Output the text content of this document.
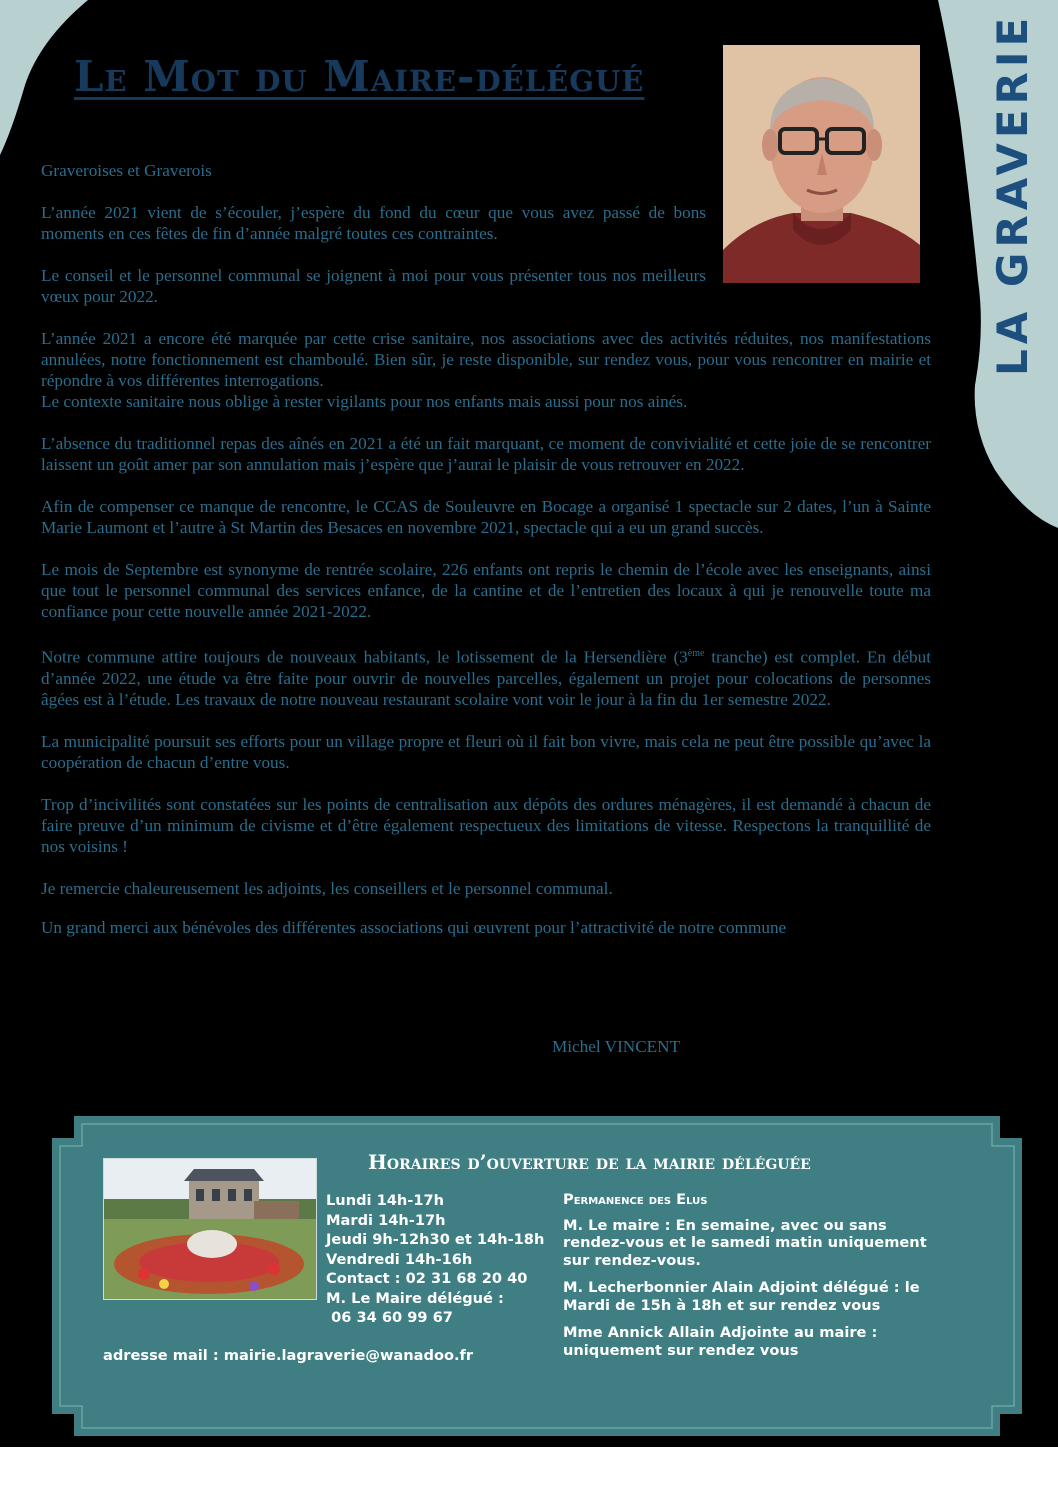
Le Mot du Maire-délégué	LA GRAVERIE

Graveroises et Graverois

L’année 2021 vient de s’écouler, j’espère du fond du cœur que vous avez passé de bons moments en ces fêtes de fin d’année malgré toutes ces contraintes.

Le conseil et le personnel communal se joignent à moi pour vous présenter tous nos meilleurs vœux pour 2022.

L’année 2021 a encore été marquée par cette crise sanitaire, nos associations avec des activités réduites, nos manifestations annulées, notre fonctionnement est chamboulé. Bien sûr, je reste disponible, sur rendez vous, pour vous rencontrer en mairie et répondre à vos différentes interrogations.

Le contexte sanitaire nous oblige à rester vigilants pour nos enfants mais aussi pour nos ainés.

L’absence du traditionnel repas des aînés en 2021 a été un fait marquant, ce moment de convivialité et cette joie de se rencontrer laissent un goût amer par son annulation mais j’espère que j’aurai le plaisir de vous retrouver en 2022.

Afin de compenser ce manque de rencontre, le CCAS de Souleuvre en Bocage a organisé 1 spectacle sur 2 dates, l’un à Sainte Marie Laumont et l’autre à St Martin des Besaces en novembre 2021, spectacle qui a eu un grand succès.

Le mois de Septembre est synonyme de rentrée scolaire, 226 enfants ont repris le chemin de l’école avec les enseignants, ainsi que tout le personnel communal des services enfance, de la cantine et de l’entretien des locaux à qui je renouvelle toute ma confiance pour cette nouvelle année 2021-2022.

Notre commune attire toujours de nouveaux habitants, le lotissement de la Hersendière (3ème tranche) est complet. En début d’année 2022, une étude va être faite pour ouvrir de nouvelles parcelles, également un projet pour colocations de personnes âgées est à l’étude. Les travaux de notre nouveau restaurant scolaire vont voir le jour à la fin du 1er semestre 2022.

La municipalité poursuit ses efforts pour un village propre et fleuri où il fait bon vivre, mais cela ne peut être possible qu’avec la coopération de chacun d’entre vous.

Trop d’incivilités sont constatées sur les points de centralisation aux dépôts des ordures ménagères, il est demandé à chacun de faire preuve d’un minimum de civisme et d’être également respectueux des limitations de vitesse. Respectons la tranquillité de nos voisins !

Je remercie chaleureusement les adjoints, les conseillers et le personnel communal.

Un grand merci aux bénévoles des différentes associations qui œuvrent pour l’attractivité de notre commune

Michel VINCENT
Horaires d’ouverture de la mairie déléguée
Lundi 14h-17h
Mardi 14h-17h
Jeudi 9h-12h30 et 14h-18h
Vendredi 14h-16h
Contact : 02 31 68 20 40
M. Le Maire délégué :
06 34 60 99 67
adresse mail : mairie.lagraverie@wanadoo.fr
Permanence des Elus

M. Le maire : En semaine, avec ou sans rendez-vous et le samedi matin uniquement sur rendez-vous.

M. Lecherbonnier Alain Adjoint délégué : le Mardi de 15h à 18h et sur rendez vous

Mme Annick Allain Adjointe au maire : uniquement sur rendez vous
